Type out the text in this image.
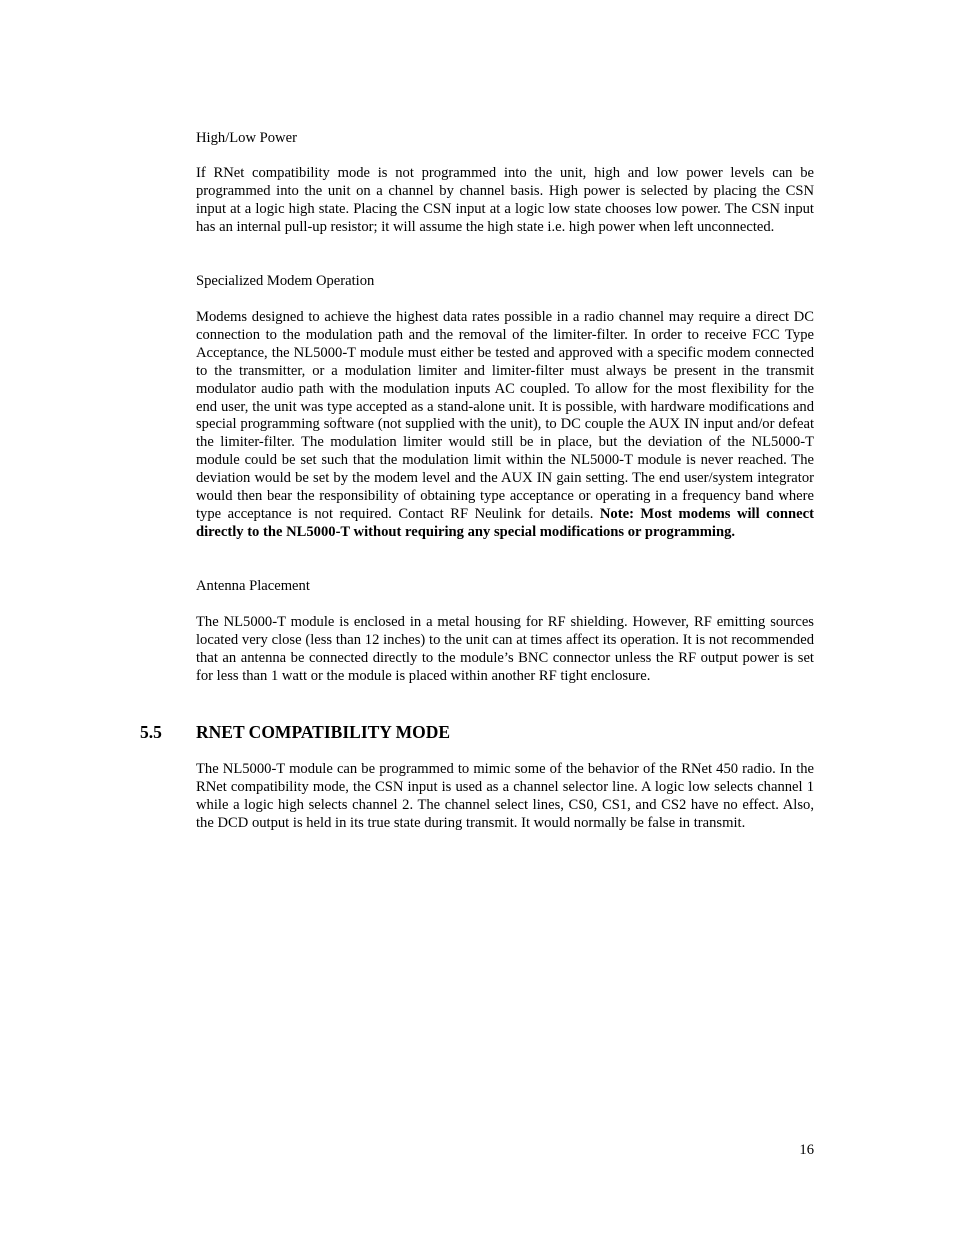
High/Low Power

If RNet compatibility mode is not programmed into the unit, high and low power levels can be programmed into the unit on a channel by channel basis. High power is selected by placing the CSN input at a logic high state. Placing the CSN input at a logic low state chooses low power. The CSN input has an internal pull-up resistor; it will assume the high state i.e. high power when left unconnected.

Specialized Modem Operation

Modems designed to achieve the highest data rates possible in a radio channel may require a direct DC connection to the modulation path and the removal of the limiter-filter. In order to receive FCC Type Acceptance, the NL5000-T module must either be tested and approved with a specific modem connected to the transmitter, or a modulation limiter and limiter-filter must always be present in the transmit modulator audio path with the modulation inputs AC coupled. To allow for the most flexibility for the end user, the unit was type accepted as a stand-alone unit. It is possible, with hardware modifications and special programming software (not supplied with the unit), to DC couple the AUX IN input and/or defeat the limiter-filter. The modulation limiter would still be in place, but the deviation of the NL5000-T module could be set such that the modulation limit within the NL5000-T module is never reached. The deviation would be set by the modem level and the AUX IN gain setting. The end user/system integrator would then bear the responsibility of obtaining type acceptance or operating in a frequency band where type acceptance is not required. Contact RF Neulink for details. Note: Most modems will connect directly to the NL5000-T without requiring any special modifications or programming.

Antenna Placement

The NL5000-T module is enclosed in a metal housing for RF shielding. However, RF emitting sources located very close (less than 12 inches) to the unit can at times affect its operation. It is not recommended that an antenna be connected directly to the module’s BNC connector unless the RF output power is set for less than 1 watt or the module is placed within another RF tight enclosure.

5.5 RNET COMPATIBILITY MODE

The NL5000-T module can be programmed to mimic some of the behavior of the RNet 450 radio. In the RNet compatibility mode, the CSN input is used as a channel selector line. A logic low selects channel 1 while a logic high selects channel 2. The channel select lines, CS0, CS1, and CS2 have no effect. Also, the DCD output is held in its true state during transmit. It would normally be false in transmit.

16
